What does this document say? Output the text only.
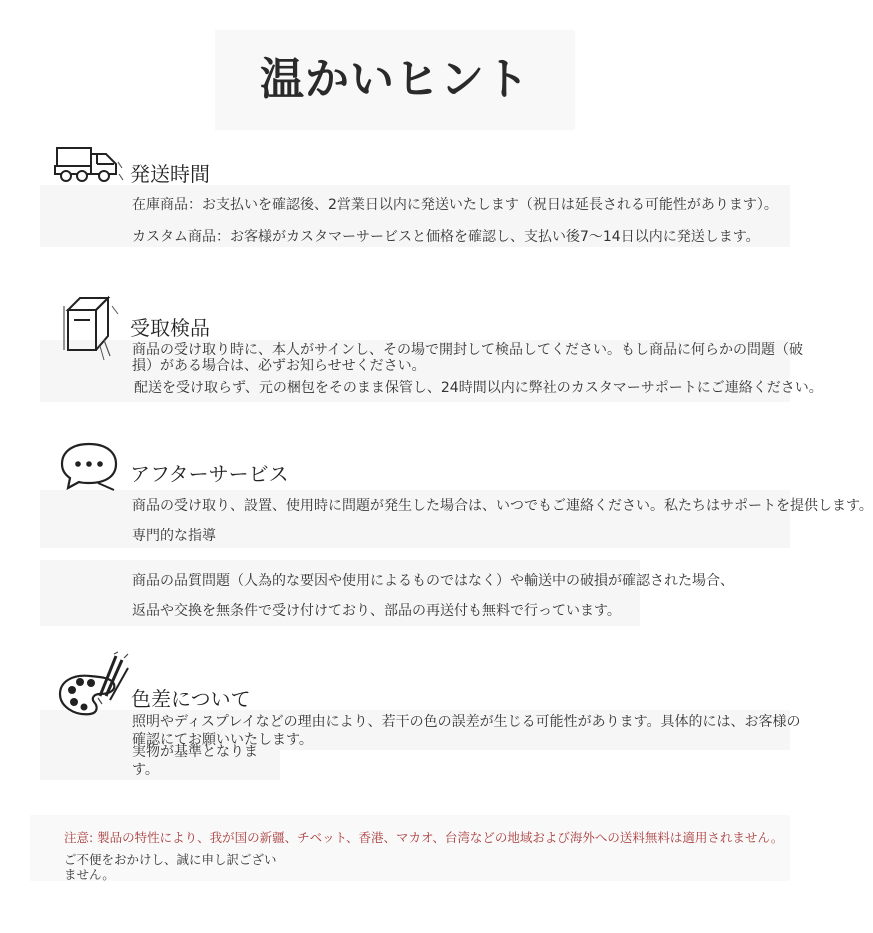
温かいヒント
発送時間
在庫商品：お支払いを確認後、2営業日以内に発送いたします（祝日は延長される可能性があります）。
カスタム商品：お客様がカスタマーサービスと価格を確認し、支払い後7〜14日以内に発送します。
受取検品
商品の受け取り時に、本人がサインし、その場で開封して検品してください。もし商品に何らかの問題（破
損）がある場合は、必ずお知らせせください。
配送を受け取らず、元の梱包をそのまま保管し、24時間以内に弊社のカスタマーサポートにご連絡ください。
アフターサービス
商品の受け取り、設置、使用時に問題が発生した場合は、いつでもご連絡ください。私たちはサポートを提供します。
専門的な指導
商品の品質問題（人為的な要因や使用によるものではなく）や輸送中の破損が確認された場合、
返品や交換を無条件で受け付けており、部品の再送付も無料で行っています。
色差について
照明やディスプレイなどの理由により、若干の色の誤差が生じる可能性があります。具体的には、お客様の
確認にてお願いいたします。
実物が基準となりま
す。
注意: 製品の特性により、我が国の新疆、チベット、香港、マカオ、台湾などの地域および海外への送料無料は適用されません。
ご不便をおかけし、誠に申し訳ござい
ません。
